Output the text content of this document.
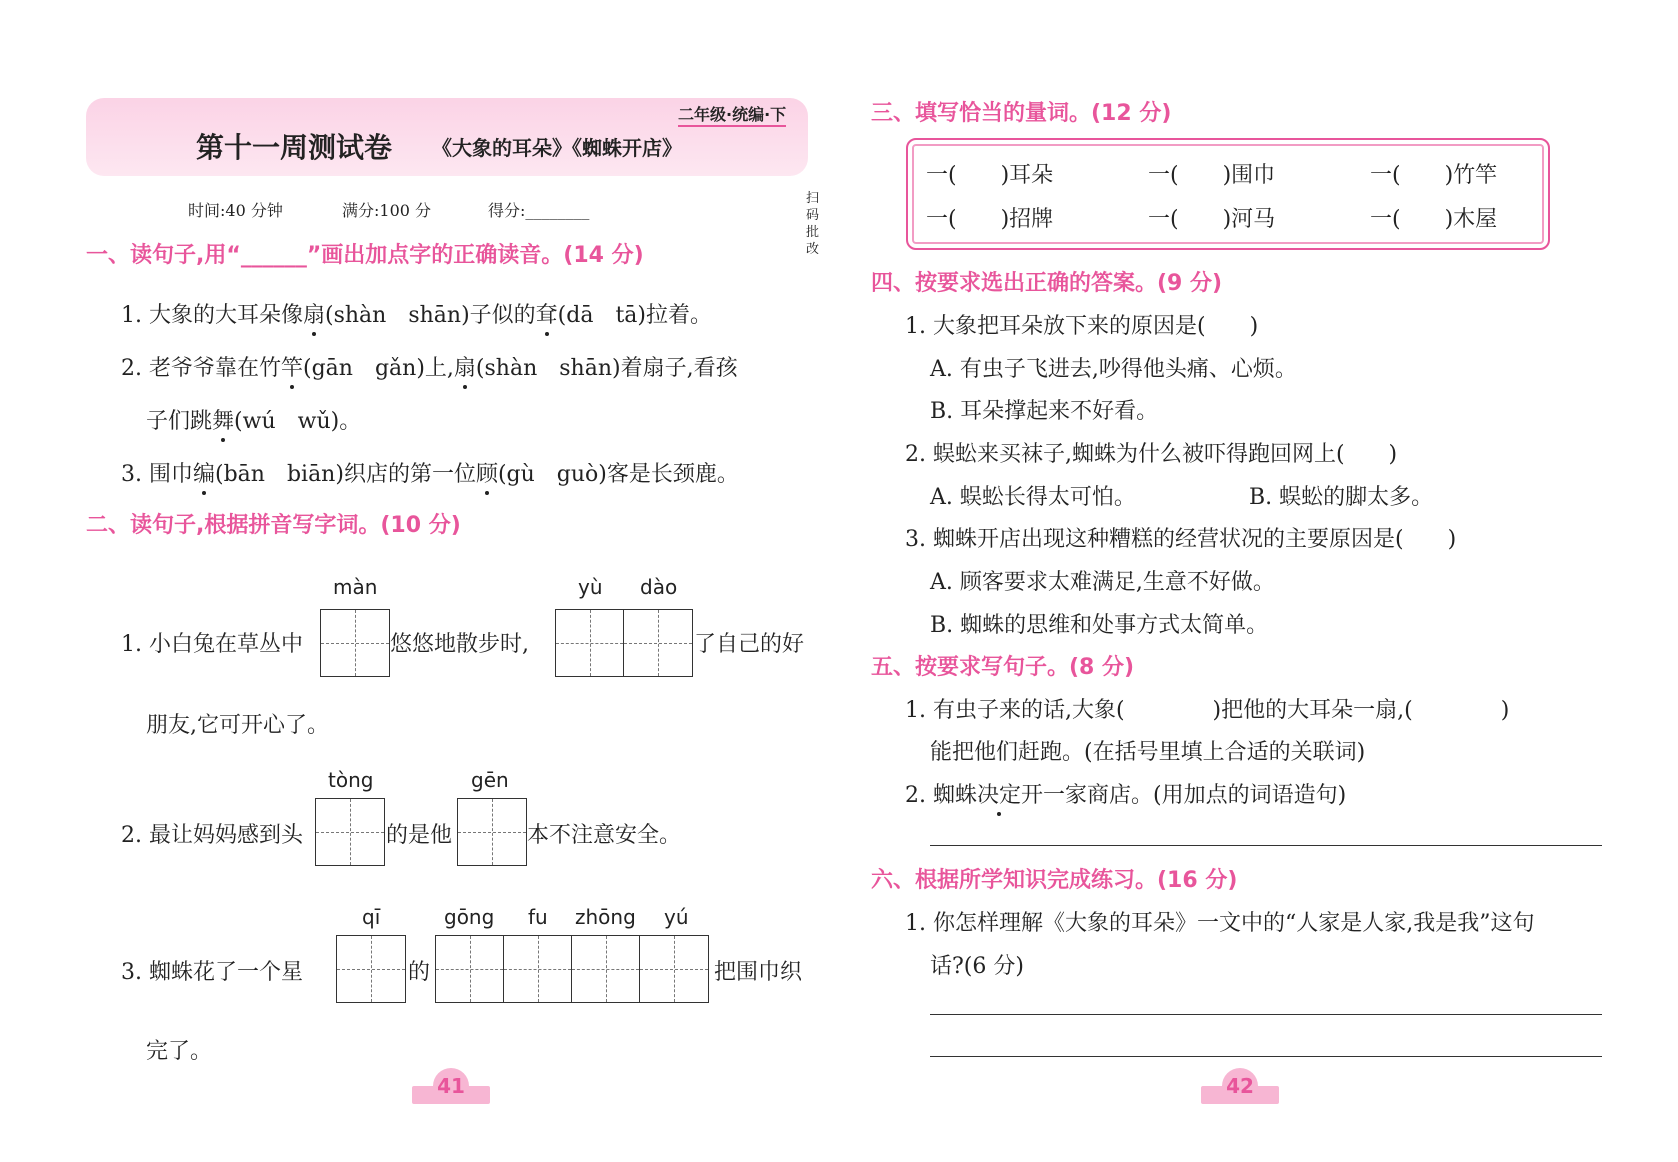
二年级·统编·下
第十一周测试卷 《大象的耳朵》《蜘蛛开店》
时间:40 分钟	满分:100 分	得分:________
扫码批改
一、读句子,用“______”画出加点字的正确读音。(14 分)
1. 大象的大耳朵像扇(shàn　shān)子似的耷(dā　tā)拉着。
2. 老爷爷靠在竹竿(gān　gǎn)上,扇(shàn　shān)着扇子,看孩
子们跳舞(wú　wǔ)。
3. 围巾编(bān　biān)织店的第一位顾(gù　guò)客是长颈鹿。
二、读句子,根据拼音写字词。(10 分)
màn	yù dào
1. 小白兔在草丛中	悠悠地散步时,	了自己的好
朋友,它可开心了。
tòng	gēn
2. 最让妈妈感到头	的是他	本不注意安全。
qī	gōng fu zhōng yú
3. 蜘蛛花了一个星	的	把围巾织
完了。
41
三、填写恰当的量词。(12 分)
一(　　)耳朵	一(　　)围巾	一(　　)竹竿
一(　　)招牌	一(　　)河马	一(　　)木屋
四、按要求选出正确的答案。(9 分)
1. 大象把耳朵放下来的原因是(　　)
A. 有虫子飞进去,吵得他头痛、心烦。
B. 耳朵撑起来不好看。
2. 蜈蚣来买袜子,蜘蛛为什么被吓得跑回网上(　　)
A. 蜈蚣长得太可怕。	B. 蜈蚣的脚太多。
3. 蜘蛛开店出现这种糟糕的经营状况的主要原因是(　　)
A. 顾客要求太难满足,生意不好做。
B. 蜘蛛的思维和处事方式太简单。
五、按要求写句子。(8 分)
1. 有虫子来的话,大象(　　　　)把他的大耳朵一扇,(　　　　)
能把他们赶跑。(在括号里填上合适的关联词)
2. 蜘蛛决定开一家商店。(用加点的词语造句)
六、根据所学知识完成练习。(16 分)
1. 你怎样理解《大象的耳朵》一文中的“人家是人家,我是我”这句
话?(6 分)
42
